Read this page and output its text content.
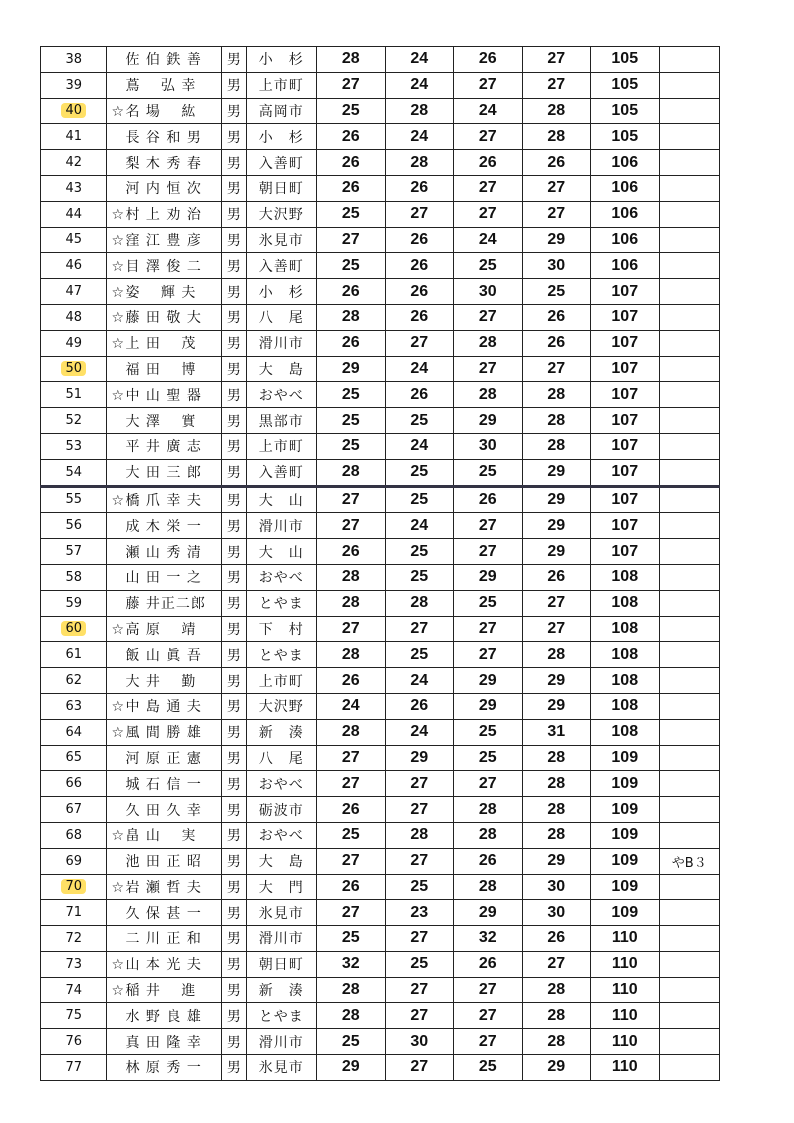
38	佐 伯 鉄 善	男	小　杉	28	24	26	27	105	
39	蔦　 弘 幸	男	上市町	27	24	27	27	105	
40	☆名 場　 紘	男	高岡市	25	28	24	28	105	
41	長 谷 和 男	男	小　杉	26	24	27	28	105	
42	梨 木 秀 春	男	入善町	26	28	26	26	106	
43	河 内 恒 次	男	朝日町	26	26	27	27	106	
44	☆村 上 劝 治	男	大沢野	25	27	27	27	106	
45	☆窪 江 豊 彦	男	氷見市	27	26	24	29	106	
46	☆目 澤 俊 二	男	入善町	25	26	25	30	106	
47	☆姿　 輝 夫	男	小　杉	26	26	30	25	107	
48	☆藤 田 敬 大	男	八　尾	28	26	27	26	107	
49	☆上 田　 茂	男	滑川市	26	27	28	26	107	
50	福 田　 博	男	大　島	29	24	27	27	107	
51	☆中 山 聖 器	男	おやべ	25	26	28	28	107	
52	大 澤　 實	男	黒部市	25	25	29	28	107	
53	平 井 廣 志	男	上市町	25	24	30	28	107	
54	大 田 三 郎	男	入善町	28	25	25	29	107	
55	☆橋 爪 幸 夫	男	大　山	27	25	26	29	107	
56	成 木 栄 一	男	滑川市	27	24	27	29	107	
57	瀬 山 秀 清	男	大　山	26	25	27	29	107	
58	山 田 一 之	男	おやべ	28	25	29	26	108	
59	藤 井正二郎	男	とやま	28	28	25	27	108	
60	☆高 原　 靖	男	下　村	27	27	27	27	108	
61	飯 山 眞 吾	男	とやま	28	25	27	28	108	
62	大 井　 勤	男	上市町	26	24	29	29	108	
63	☆中 島 通 夫	男	大沢野	24	26	29	29	108	
64	☆風 間 勝 雄	男	新　湊	28	24	25	31	108	
65	河 原 正 憲	男	八　尾	27	29	25	28	109	
66	城 石 信 一	男	おやべ	27	27	27	28	109	
67	久 田 久 幸	男	砺波市	26	27	28	28	109	
68	☆畠 山　 実	男	おやべ	25	28	28	28	109	
69	池 田 正 昭	男	大　島	27	27	26	29	109	やB３
70	☆岩 瀬 哲 夫	男	大　門	26	25	28	30	109	
71	久 保 甚 一	男	氷見市	27	23	29	30	109	
72	二 川 正 和	男	滑川市	25	27	32	26	110	
73	☆山 本 光 夫	男	朝日町	32	25	26	27	110	
74	☆稲 井　 進	男	新　湊	28	27	27	28	110	
75	水 野 良 雄	男	とやま	28	27	27	28	110	
76	真 田 隆 幸	男	滑川市	25	30	27	28	110	
77	林 原 秀 一	男	氷見市	29	27	25	29	110	
